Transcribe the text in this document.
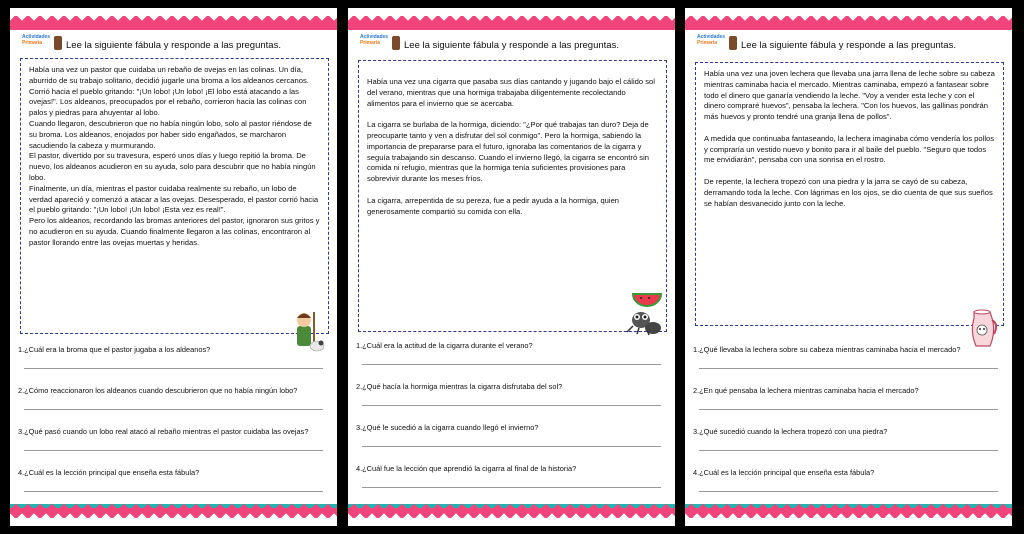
Actividades
Primaria	Lee la siguiente fábula y responde a las preguntas.

Había una vez un pastor que cuidaba un rebaño de ovejas en las colinas. Un día, aburrido de su trabajo solitario, decidió jugarle una broma a los aldeanos cercanos.

Corrió hacia el pueblo gritando: "¡Un lobo! ¡Un lobo! ¡El lobo está atacando a las ovejas!". Los aldeanos, preocupados por el rebaño, corrieron hacia las colinas con palos y piedras para ahuyentar al lobo.

Cuando llegaron, descubrieron que no había ningún lobo, solo al pastor riéndose de su broma. Los aldeanos, enojados por haber sido engañados, se marcharon sacudiendo la cabeza y murmurando.

El pastor, divertido por su travesura, esperó unos días y luego repitió la broma. De nuevo, los aldeanos acudieron en su ayuda, solo para descubrir que no había ningún lobo.

Finalmente, un día, mientras el pastor cuidaba realmente su rebaño, un lobo de verdad apareció y comenzó a atacar a las ovejas. Desesperado, el pastor corrió hacia el pueblo gritando: "¡Un lobo! ¡Un lobo! ¡Esta vez es real!".

Pero los aldeanos, recordando las bromas anteriores del pastor, ignoraron sus gritos y no acudieron en su ayuda. Cuando finalmente llegaron a las colinas, encontraron al pastor llorando entre las ovejas muertas y heridas.

1.¿Cuál era la broma que el pastor jugaba a los aldeanos?
2.¿Cómo reaccionaron los aldeanos cuando descubrieron que no había ningún lobo?
3.¿Qué pasó cuando un lobo real atacó al rebaño mientras el pastor cuidaba las ovejas?
4.¿Cuál es la lección principal que enseña esta fábula?
Actividades
Primaria	Lee la siguiente fábula y responde a las preguntas.

Había una vez una cigarra que pasaba sus días cantando y jugando bajo el cálido sol del verano, mientras que una hormiga trabajaba diligentemente recolectando alimentos para el invierno que se acercaba.

La cigarra se burlaba de la hormiga, diciendo: "¿Por qué trabajas tan duro? Deja de preocuparte tanto y ven a disfrutar del sol conmigo". Pero la hormiga, sabiendo la importancia de prepararse para el futuro, ignoraba las comentarios de la cigarra y seguía trabajando sin descanso. Cuando el invierno llegó, la cigarra se encontró sin comida ni refugio, mientras que la hormiga tenía suficientes provisiones para sobrevivir durante los meses fríos.

La cigarra, arrepentida de su pereza, fue a pedir ayuda a la hormiga, quien generosamente compartió su comida con ella.

1.¿Cuál era la actitud de la cigarra durante el verano?
2.¿Qué hacía la hormiga mientras la cigarra disfrutaba del sol?
3.¿Qué le sucedió a la cigarra cuando llegó el invierno?
4.¿Cuál fue la lección que aprendió la cigarra al final de la historia?
Actividades
Primaria	Lee la siguiente fábula y responde a las preguntas.

Había una vez una joven lechera que llevaba una jarra llena de leche sobre su cabeza mientras caminaba hacia el mercado. Mientras caminaba, empezó a fantasear sobre todo el dinero que ganaría vendiendo la leche. "Voy a vender esta leche y con el dinero compraré huevos", pensaba la lechera. "Con los huevos, las gallinas pondrán más huevos y pronto tendré una granja llena de pollos".

A medida que continuaba fantaseando, la lechera imaginaba cómo vendería los pollos y compraría un vestido nuevo y bonito para ir al baile del pueblo. "Seguro que todos me envidiarán", pensaba con una sonrisa en el rostro.

De repente, la lechera tropezó con una piedra y la jarra se cayó de su cabeza, derramando toda la leche. Con lágrimas en los ojos, se dio cuenta de que sus sueños se habían desvanecido junto con la leche.

1.¿Qué llevaba la lechera sobre su cabeza mientras caminaba hacia el mercado?
2.¿En qué pensaba la lechera mientras caminaba hacia el mercado?
3.¿Qué sucedió cuando la lechera tropezó con una piedra?
4.¿Cuál es la lección principal que enseña esta fábula?
